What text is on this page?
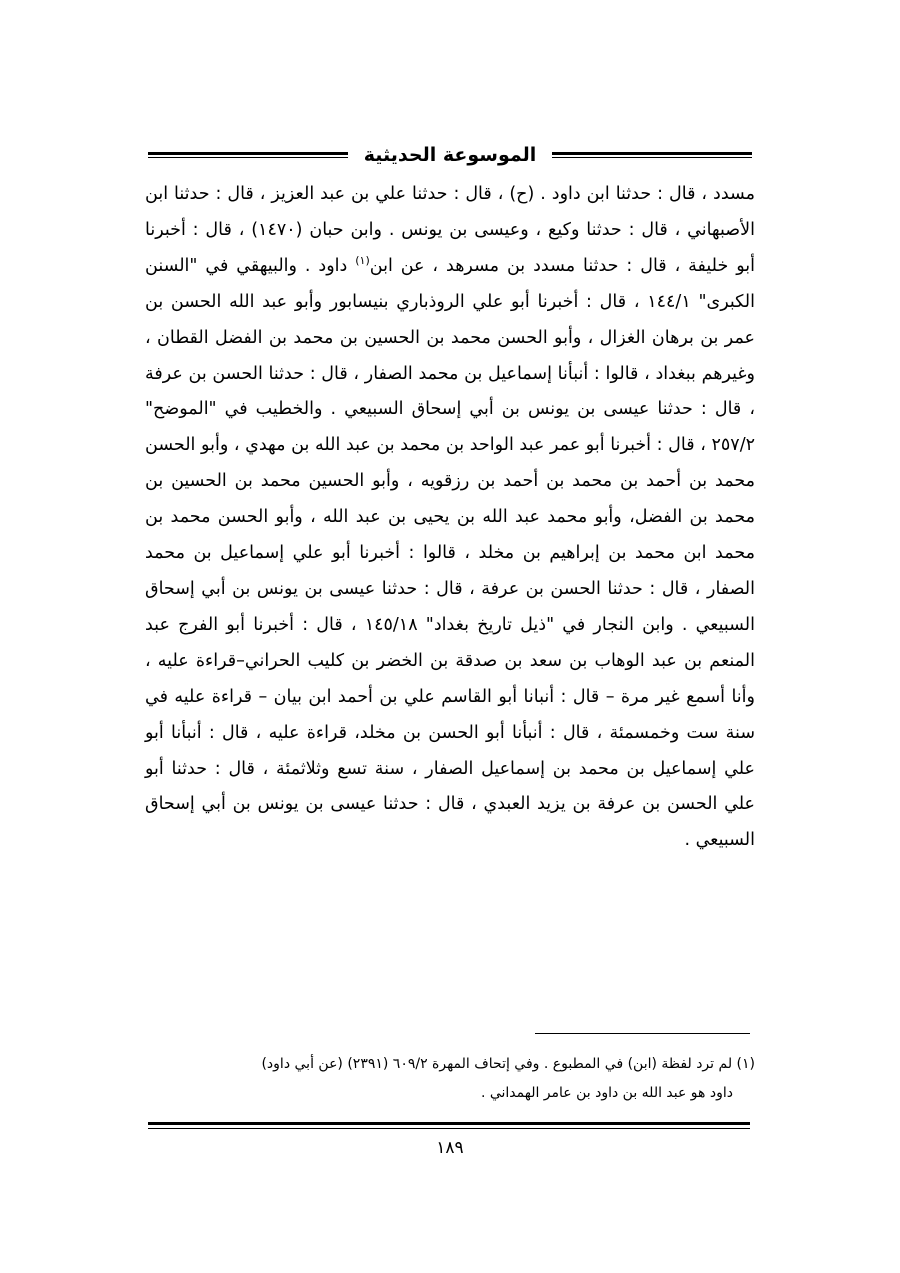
الموسوعة الحديثية

مسدد ، قال : حدثنا ابن داود . (ح) ، قال : حدثنا علي بن عبد العزيز ، قال : حدثنا ابن الأصبهاني ، قال : حدثنا وكيع ، وعيسى بن يونس . وابن حبان (١٤٧٠) ، قال : أخبرنا أبو خليفة ، قال : حدثنا مسدد بن مسرهد ، عن ابن$^{(١)}$ داود . والبيهقي في "السنن الكبرى" ١٤٤/١ ، قال : أخبرنا أبو علي الروذباري بنيسابور وأبو عبد الله الحسن بن عمر بن برهان الغزال ، وأبو الحسن محمد بن الحسين بن محمد بن الفضل القطان ، وغيرهم ببغداد ، قالوا : أنبأنا إسماعيل بن محمد الصفار ، قال : حدثنا الحسن بن عرفة ، قال : حدثنا عيسى بن يونس بن أبي إسحاق السبيعي . والخطيب في "الموضح" ٢٥٧/٢ ، قال : أخبرنا أبو عمر عبد الواحد بن محمد بن عبد الله بن مهدي ، وأبو الحسن محمد بن أحمد بن محمد بن أحمد بن رزقويه ، وأبو الحسين محمد بن الحسين بن محمد بن الفضل، وأبو محمد عبد الله بن يحيى بن عبد الله ، وأبو الحسن محمد بن محمد ابن محمد بن إبراهيم بن مخلد ، قالوا : أخبرنا أبو علي إسماعيل بن محمد الصفار ، قال : حدثنا الحسن بن عرفة ، قال : حدثنا عيسى بن يونس بن أبي إسحاق السبيعي . وابن النجار في "ذيل تاريخ بغداد" ١٤٥/١٨ ، قال : أخبرنا أبو الفرج عبد المنعم بن عبد الوهاب بن سعد بن صدقة بن الخضر بن كليب الحراني–قراءة عليه ، وأنا أسمع غير مرة – قال : أنبانا أبو القاسم علي بن أحمد ابن بيان – قراءة عليه في سنة ست وخمسمئة ، قال : أنبأنا أبو الحسن بن مخلد، قراءة عليه ، قال : أنبأنا أبو علي إسماعيل بن محمد بن إسماعيل الصفار ، سنة تسع وثلاثمئة ، قال : حدثنا أبو علي الحسن بن عرفة بن يزيد العبدي ، قال : حدثنا عيسى بن يونس بن أبي إسحاق السبيعي .

(١) لم ترد لفظة (ابن) في المطبوع . وفي إتحاف المهرة ٦٠٩/٢ (٢٣٩١) (عن أبي داود)

داود هو عبد الله بن داود بن عامر الهمداني .

١٨٩
